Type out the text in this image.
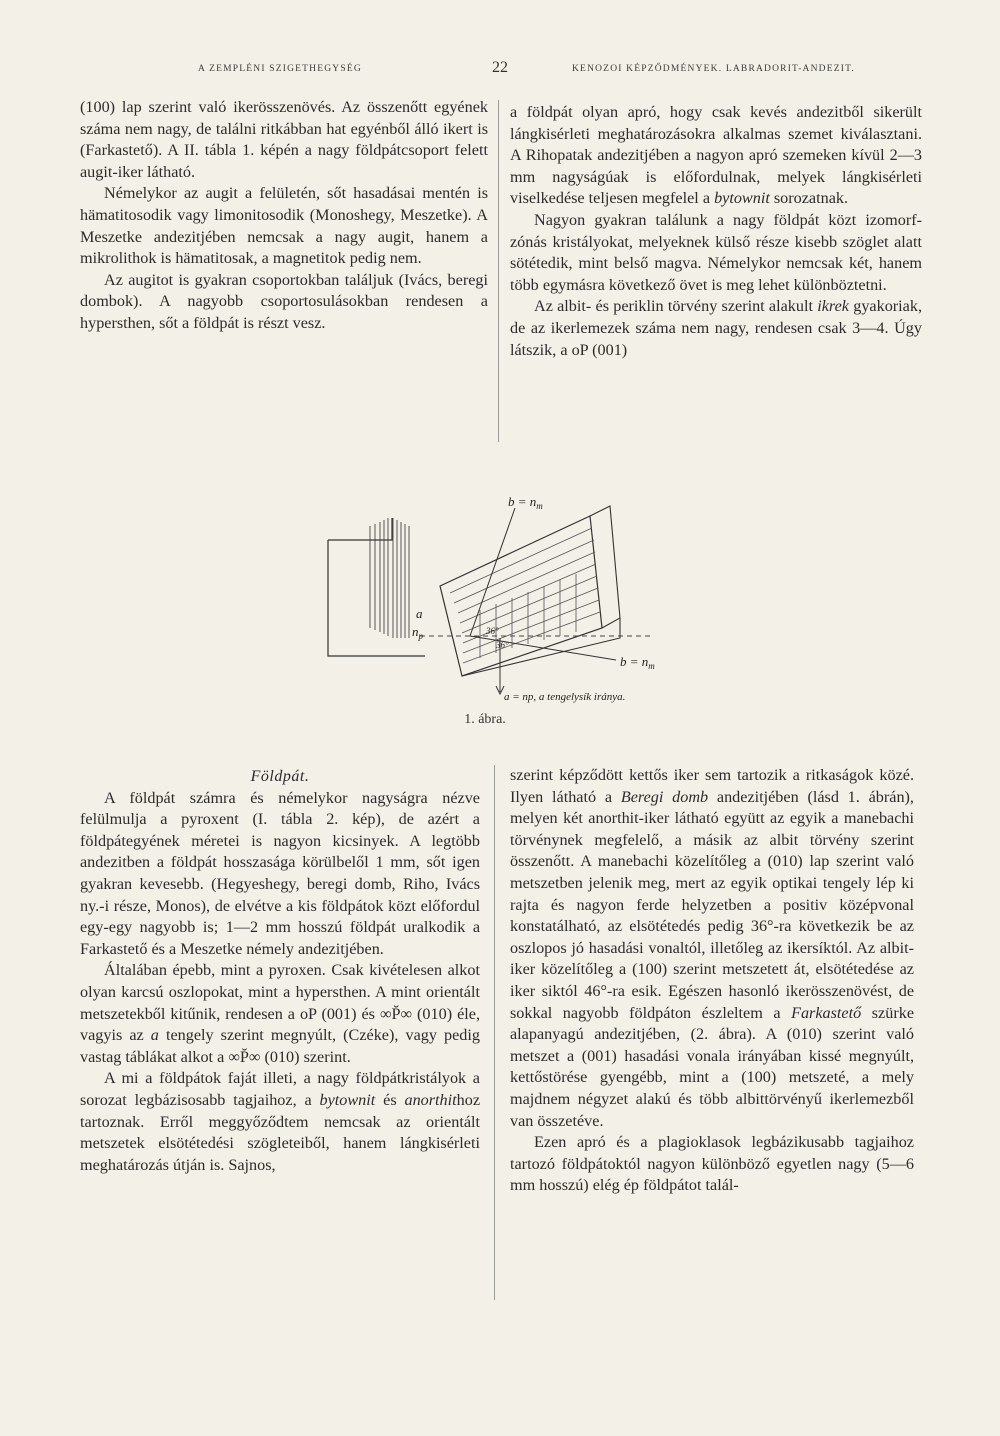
A ZEMPLÉNI SZIGETHEGYSÉG	22	KENOZOI KÉPZŐDMÉNYEK. LABRADORIT-ANDEZIT.

(100) lap szerint való ikerösszenövés. Az összenőtt egyének száma nem nagy, de találni ritkábban hat egyénből álló ikert is (Farkastető). A II. tábla 1. képén a nagy földpátcsoport felett augit-iker látható.

Némelykor az augit a felületén, sőt hasadásai mentén is hämatitosodik vagy limonitosodik (Monoshegy, Meszetke). A Meszetke andezitjében nemcsak a nagy augit, hanem a mikrolithok is hämatitosak, a magnetitok pedig nem.

Az augitot is gyakran csoportokban találjuk (Ivács, beregi dombok). A nagyobb csoportosulásokban rendesen a hypersthen, sőt a földpát is részt vesz.

a földpát olyan apró, hogy csak kevés andezitből sikerült lángkisérleti meghatározásokra alkalmas szemet kiválasztani. A Rihopatak andezitjében a nagyon apró szemeken kívül 2—3 mm nagyságúak is előfordulnak, melyek lángkisérleti viselkedése teljesen megfelel a bytownit sorozatnak.

Nagyon gyakran találunk a nagy földpát közt izomorf-zónás kristályokat, melyeknek külső része kisebb szöglet alatt sötétedik, mint belső magva. Némelykor nemcsak két, hanem több egymásra következő övet is meg lehet különböztetni.

Az albit- és periklin törvény szerint alakult ikrek gyakoriak, de az ikerlemezek száma nem nagy, rendesen csak 3—4. Úgy látszik, a oP (001)

$b = n_m$
a
$n_p$	36°
36°
$b = n_m$
a = np, a tengelysík iránya.
1. ábra.

Földpát.

A földpát számra és némelykor nagyságra nézve felülmulja a pyroxent (I. tábla 2. kép), de azért a földpátegyének méretei is nagyon kicsinyek. A legtöbb andezitben a földpát hosszasága körülbelől 1 mm, sőt igen gyakran kevesebb. (Hegyeshegy, beregi domb, Riho, Ivács ny.-i része, Monos), de elvétve a kis földpátok közt előfordul egy-egy nagyobb is; 1—2 mm hosszú földpát uralkodik a Farkastető és a Meszetke némely andezitjében.

Általában épebb, mint a pyroxen. Csak kivételesen alkot olyan karcsú oszlopokat, mint a hypersthen. A mint orientált metszetekből kitűnik, rendesen a oP (001) és ∞P̆∞ (010) éle, vagyis az a tengely szerint megnyúlt, (Czéke), vagy pedig vastag táblákat alkot a ∞P̆∞ (010) szerint.

A mi a földpátok faját illeti, a nagy földpátkristályok a sorozat legbázisosabb tagjaihoz, a bytownit és anorthithoz tartoznak. Erről meggyőződtem nemcsak az orientált metszetek elsötétedési szögleteiből, hanem lángkisérleti meghatározás útján is. Sajnos,

szerint képződött kettős iker sem tartozik a ritkaságok közé. Ilyen látható a Beregi domb andezitjében (lásd 1. ábrán), melyen két anorthit-iker látható együtt az egyik a manebachi törvénynek megfelelő, a másik az albit törvény szerint összenőtt. A manebachi közelítőleg a (010) lap szerint való metszetben jelenik meg, mert az egyik optikai tengely lép ki rajta és nagyon ferde helyzetben a positiv középvonal konstatálható, az elsötétedés pedig 36°-ra következik be az oszlopos jó hasadási vonaltól, illetőleg az ikersíktól. Az albit-iker közelítőleg a (100) szerint metszetett át, elsötétedése az iker siktól 46°-ra esik. Egészen hasonló ikerösszenövést, de sokkal nagyobb földpáton észleltem a Farkastető szürke alapanyagú andezitjében, (2. ábra). A (010) szerint való metszet a (001) hasadási vonala irányában kissé megnyúlt, kettőstörése gyengébb, mint a (100) metszeté, a mely majdnem négyzet alakú és több albittörvényű ikerlemezből van összetéve.

Ezen apró és a plagioklasok legbázikusabb tagjaihoz tartozó földpátoktól nagyon különböző egyetlen nagy (5—6 mm hosszú) elég ép földpátot talál-
